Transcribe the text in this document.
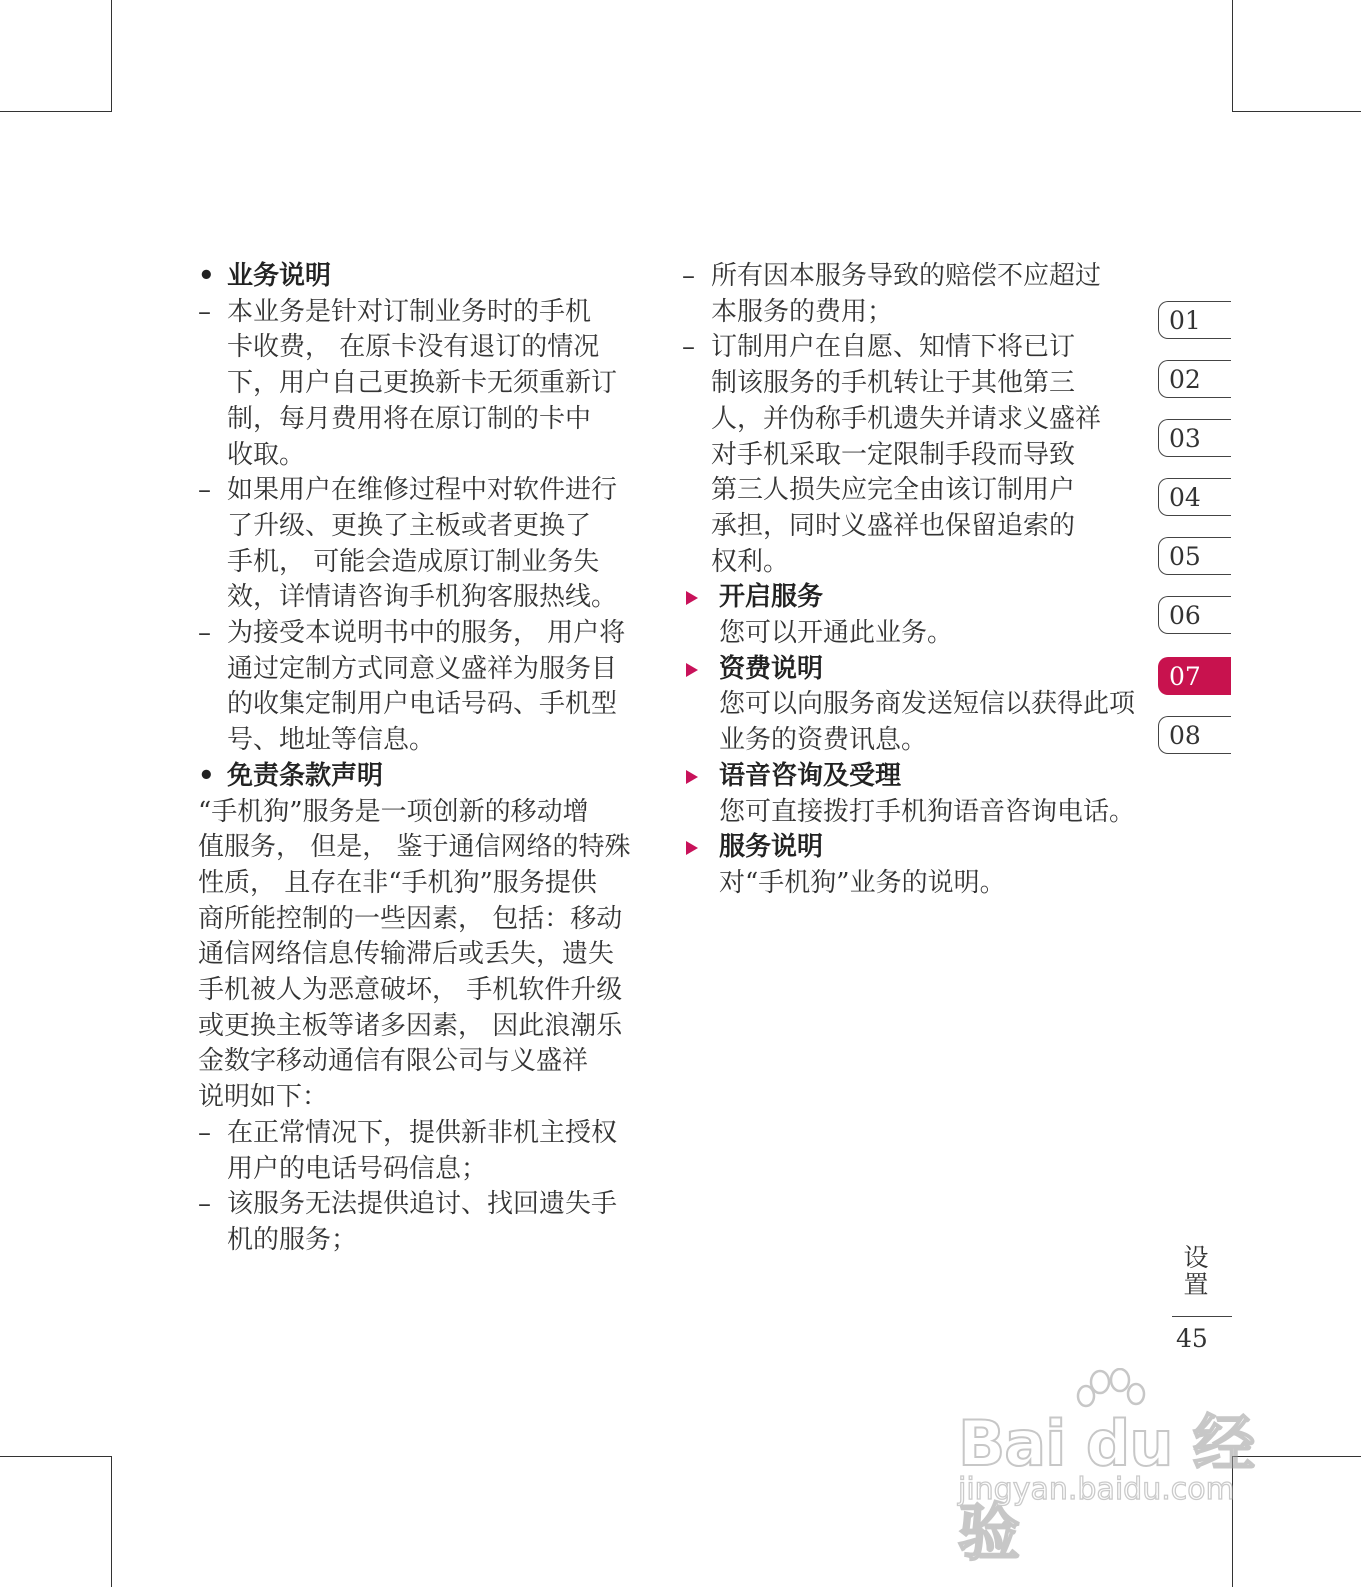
• 业务说明
– 本业务是针对订制业务时的手机
卡收费， 在原卡没有退订的情况
下，用户自己更换新卡无须重新订
制，每月费用将在原订制的卡中
收取。
– 如果用户在维修过程中对软件进行
了升级、更换了主板或者更换了
手机， 可能会造成原订制业务失
效，详情请咨询手机狗客服热线。
– 为接受本说明书中的服务， 用户将
通过定制方式同意义盛祥为服务目
的收集定制用户电话号码、手机型
号、地址等信息。
• 免责条款声明
“手机狗”服务是一项创新的移动增
值服务， 但是， 鉴于通信网络的特殊
性质， 且存在非“手机狗”服务提供
商所能控制的一些因素， 包括：移动
通信网络信息传输滞后或丢失，遗失
手机被人为恶意破坏， 手机软件升级
或更换主板等诸多因素， 因此浪潮乐
金数字移动通信有限公司与义盛祥
说明如下：
– 在正常情况下，提供新非机主授权
用户的电话号码信息；
– 该服务无法提供追讨、找回遗失手
机的服务；
– 所有因本服务导致的赔偿不应超过
本服务的费用；
– 订制用户在自愿、知情下将已订
制该服务的手机转让于其他第三
人，并伪称手机遗失并请求义盛祥
对手机采取一定限制手段而导致
第三人损失应完全由该订制用户
承担，同时义盛祥也保留追索的
权利。
开启服务
您可以开通此业务。
资费说明
您可以向服务商发送短信以获得此项
业务的资费讯息。
语音咨询及受理
您可直接拨打手机狗语音咨询电话。
服务说明
对“手机狗”业务的说明。
01
02
03
04
05
06
07
08
设置
45
Bai du 经验
jingyan.baidu.com
